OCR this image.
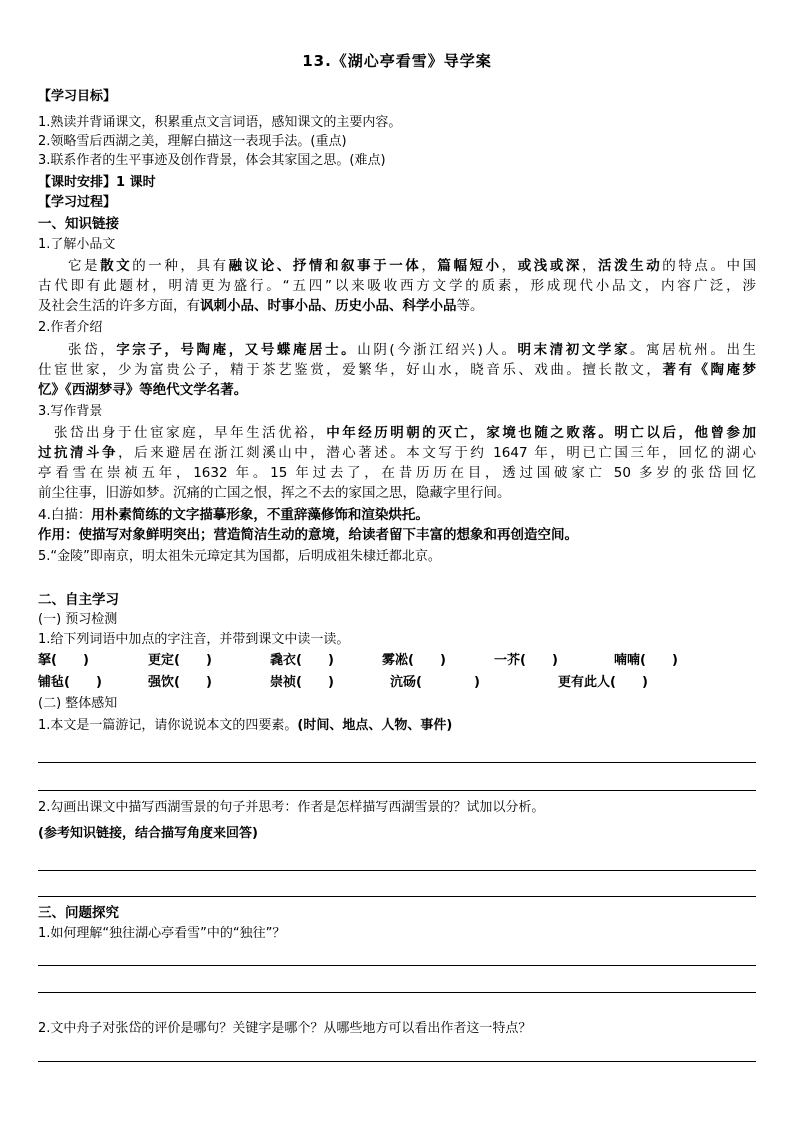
13.《湖心亭看雪》导学案
【学习目标】
1.熟读并背诵课文，积累重点文言词语，感知课文的主要内容。
2.领略雪后西湖之美，理解白描这一表现手法。(重点)
3.联系作者的生平事迹及创作背景，体会其家国之思。(难点)
【课时安排】1 课时
【学习过程】
一、知识链接
1.了解小品文
它是散文的一种，具有融议论、抒情和叙事于一体，篇幅短小，或浅或深，活泼生动的特点。中国
古代即有此题材，明清更为盛行。“五四”以来吸收西方文学的质素，形成现代小品文，内容广泛，涉
及社会生活的许多方面，有讽刺小品、时事小品、历史小品、科学小品等。
2.作者介绍
张岱，字宗子，号陶庵，又号蝶庵居士。山阴(今浙江绍兴)人。明末清初文学家。寓居杭州。出生
仕宦世家，少为富贵公子，精于茶艺鉴赏，爱繁华，好山水，晓音乐、戏曲。擅长散文，著有《陶庵梦
忆》《西湖梦寻》等绝代文学名著。
3.写作背景
张岱出身于仕宦家庭，早年生活优裕，中年经历明朝的灭亡，家境也随之败落。明亡以后，他曾参加
过抗清斗争，后来避居在浙江剡溪山中，潜心著述。本文写于约 1647 年，明已亡国三年，回忆的湖心
亭看雪在崇祯五年，1632 年。15 年过去了，在昔历历在目，透过国破家亡 50 多岁的张岱回忆
前尘往事，旧游如梦。沉痛的亡国之恨，挥之不去的家国之思，隐藏字里行间。
4.白描：用朴素简练的文字描摹形象，不重辞藻修饰和渲染烘托。
作用：使描写对象鲜明突出；营造简洁生动的意境，给读者留下丰富的想象和再创造空间。
5.“金陵”即南京，明太祖朱元璋定其为国都，后明成祖朱棣迁都北京。
二、自主学习
(一) 预习检测
1.给下列词语中加点的字注音，并带到课文中读一读。
拏(　　)	更定(　　)	毳衣(　　)	雾凇(　　)	一芥(　　)	喃喃(　　)
铺毡(　　)	强饮(　　)	崇祯(　　)	沆砀(　　　　)	更有此人(　　)
(二) 整体感知
1.本文是一篇游记，请你说说本文的四要素。(时间、地点、人物、事件)
2.勾画出课文中描写西湖雪景的句子并思考：作者是怎样描写西湖雪景的？试加以分析。
(参考知识链接，结合描写角度来回答)
三、问题探究
1.如何理解“独往湖心亭看雪”中的“独往”？
2.文中舟子对张岱的评价是哪句？关键字是哪个？从哪些地方可以看出作者这一特点？
